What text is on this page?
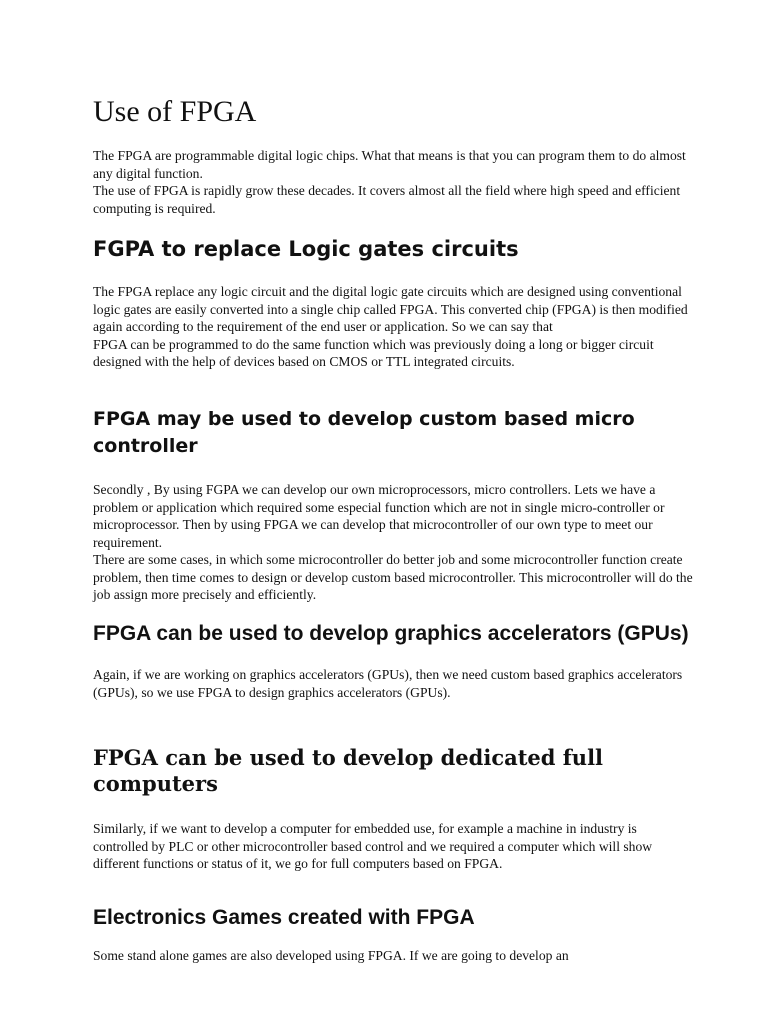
Use of FPGA

The FPGA are programmable digital logic chips. What that means is that you can program them to do almost any digital function.

The use of FPGA is rapidly grow these decades. It covers almost all the field where high speed and efficient computing is required.

FGPA to replace Logic gates circuits

The FPGA replace any logic circuit and the digital logic gate circuits which are designed using conventional logic gates are easily converted into a single chip called FPGA. This converted chip (FPGA) is then modified again according to the requirement of the end user or application. So we can say that

FPGA can be programmed to do the same function which was previously doing a long or bigger circuit designed with the help of devices based on CMOS or TTL integrated circuits.

FPGA may be used to develop custom based micro controller

Secondly , By using FGPA we can develop our own microprocessors, micro controllers. Lets we have a problem or application which required some especial function which are not in single micro-controller or microprocessor. Then by using FPGA we can develop that microcontroller of our own type to meet our requirement.

There are some cases, in which some microcontroller do better job and some microcontroller function create problem, then time comes to design or develop custom based microcontroller. This microcontroller will do the job assign more precisely and efficiently.

FPGA can be used to develop graphics accelerators (GPUs)

Again, if we are working on graphics accelerators (GPUs), then we need custom based graphics accelerators (GPUs), so we use FPGA to design graphics accelerators (GPUs).

FPGA can be used to develop dedicated full computers

Similarly, if we want to develop a computer for embedded use, for example a machine in industry is controlled by PLC or other microcontroller based control and we required a computer which will show different functions or status of it, we go for full computers based on FPGA.

Electronics Games created with FPGA

Some stand alone games are also developed using FPGA. If we are going to develop an
